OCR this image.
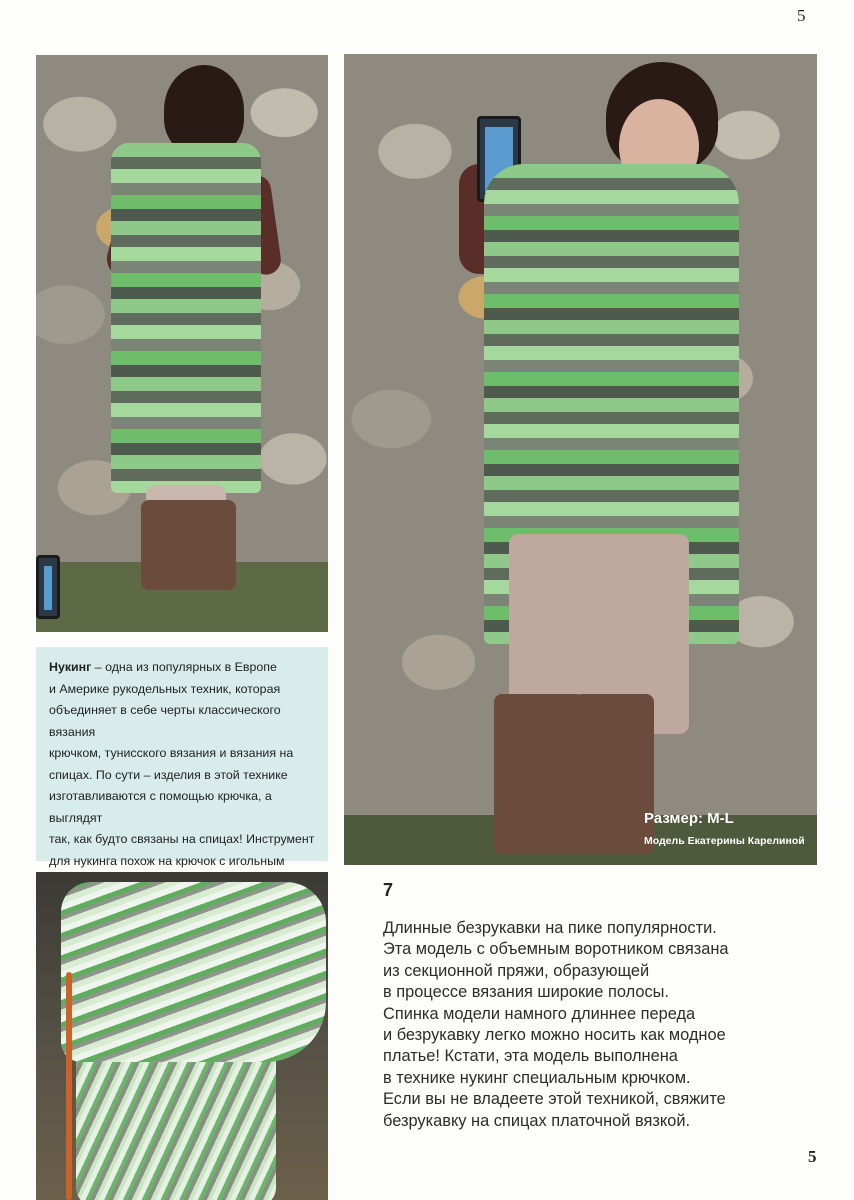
5
5
Размер: M-L
Модель Екатерины Карелиной
Нукинг – одна из популярных в Европе
и Америке рукодельных техник, которая
объединяет в себе черты классического вязания
крючком, тунисского вязания и вязания на
спицах. По сути – изделия в этой технике
изготавливаются с помощью крючка, а выглядят
так, как будто связаны на спицах! Инструмент
для нукинга похож на крючок с игольным
7
Длинные безрукавки на пике популярности.
Эта модель с объемным воротником связана
из секционной пряжи, образующей
в процессе вязания широкие полосы.
Спинка модели намного длиннее переда
и безрукавку легко можно носить как модное
платье! Кстати, эта модель выполнена
в технике нукинг специальным крючком.
Если вы не владеете этой техникой, свяжите
безрукавку на спицах платочной вязкой.
